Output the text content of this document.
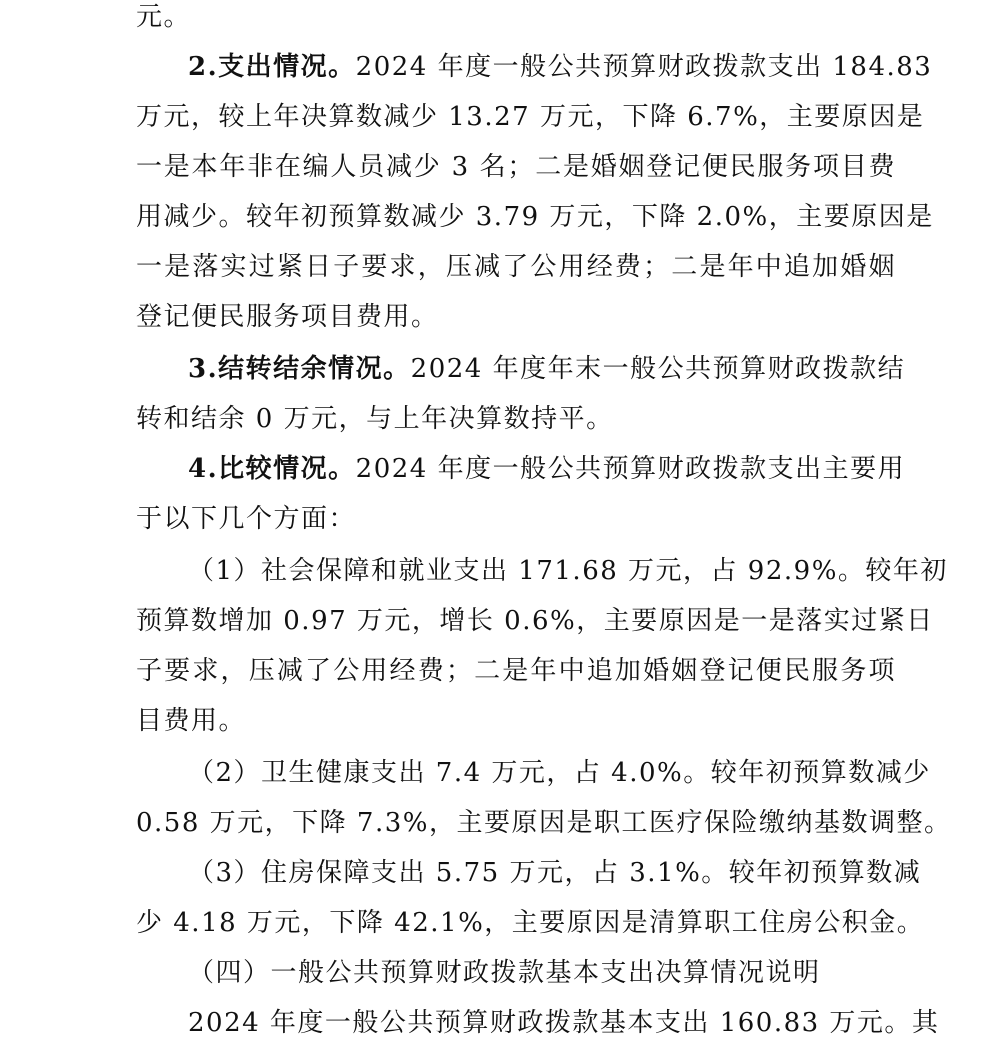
元。
2.支出情况。2024 年度一般公共预算财政拨款支出 184.83
万元，较上年决算数减少 13.27 万元，下降 6.7%，主要原因是
一是本年非在编人员减少 3 名；二是婚姻登记便民服务项目费
用减少。较年初预算数减少 3.79 万元，下降 2.0%，主要原因是
一是落实过紧日子要求，压减了公用经费；二是年中追加婚姻
登记便民服务项目费用。
3.结转结余情况。2024 年度年末一般公共预算财政拨款结
转和结余 0 万元，与上年决算数持平。
4.比较情况。2024 年度一般公共预算财政拨款支出主要用
于以下几个方面：
（1）社会保障和就业支出 171.68 万元，占 92.9%。较年初
预算数增加 0.97 万元，增长 0.6%，主要原因是一是落实过紧日
子要求，压减了公用经费；二是年中追加婚姻登记便民服务项
目费用。
（2）卫生健康支出 7.4 万元，占 4.0%。较年初预算数减少
0.58 万元，下降 7.3%，主要原因是职工医疗保险缴纳基数调整。
（3）住房保障支出 5.75 万元，占 3.1%。较年初预算数减
少 4.18 万元，下降 42.1%，主要原因是清算职工住房公积金。
（四）一般公共预算财政拨款基本支出决算情况说明
2024 年度一般公共预算财政拨款基本支出 160.83 万元。其
